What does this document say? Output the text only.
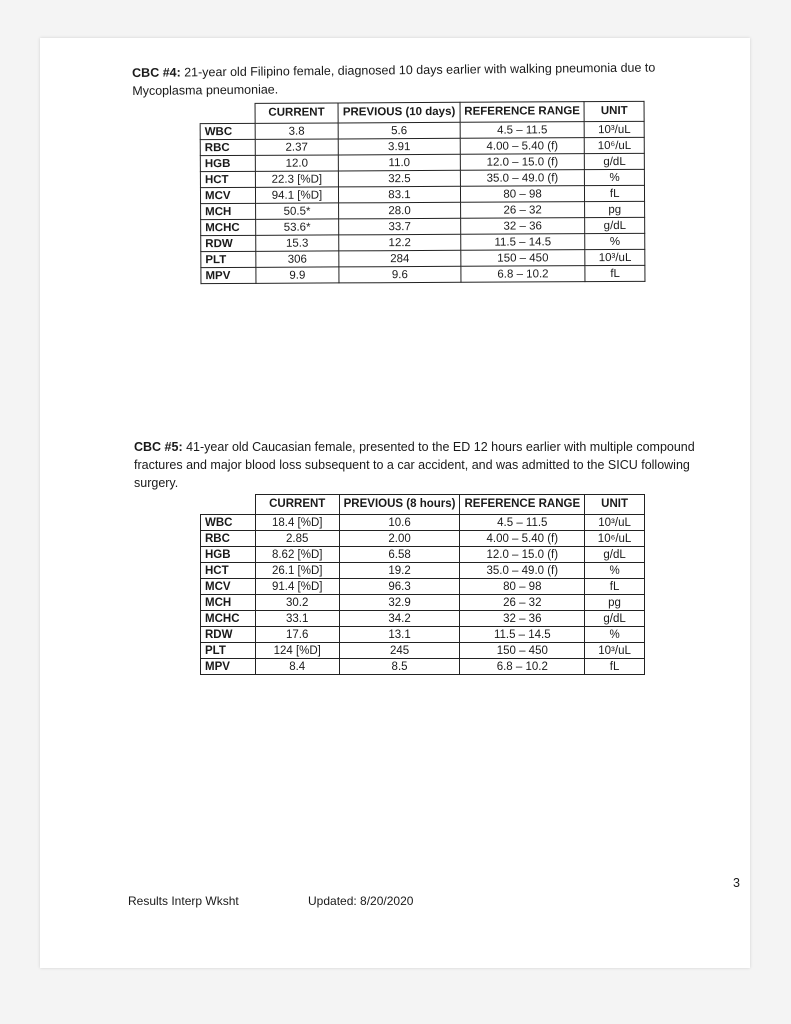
CBC #4: 21-year old Filipino female, diagnosed 10 days earlier with walking pneumonia due to Mycoplasma pneumoniae.
	CURRENT	PREVIOUS (10 days)	REFERENCE RANGE	UNIT
WBC	3.8	5.6	4.5 – 11.5	10³/uL
RBC	2.37	3.91	4.00 – 5.40 (f)	10⁶/uL
HGB	12.0	11.0	12.0 – 15.0 (f)	g/dL
HCT	22.3 [%D]	32.5	35.0 – 49.0 (f)	%
MCV	94.1 [%D]	83.1	80 – 98	fL
MCH	50.5*	28.0	26 – 32	pg
MCHC	53.6*	33.7	32 – 36	g/dL
RDW	15.3	12.2	11.5 – 14.5	%
PLT	306	284	150 – 450	10³/uL
MPV	9.9	9.6	6.8 – 10.2	fL
CBC #5: 41-year old Caucasian female, presented to the ED 12 hours earlier with multiple compound fractures and major blood loss subsequent to a car accident, and was admitted to the SICU following surgery.
	CURRENT	PREVIOUS (8 hours)	REFERENCE RANGE	UNIT
WBC	18.4 [%D]	10.6	4.5 – 11.5	10³/uL
RBC	2.85	2.00	4.00 – 5.40 (f)	10⁶/uL
HGB	8.62 [%D]	6.58	12.0 – 15.0 (f)	g/dL
HCT	26.1 [%D]	19.2	35.0 – 49.0 (f)	%
MCV	91.4 [%D]	96.3	80 – 98	fL
MCH	30.2	32.9	26 – 32	pg
MCHC	33.1	34.2	32 – 36	g/dL
RDW	17.6	13.1	11.5 – 14.5	%
PLT	124 [%D]	245	150 – 450	10³/uL
MPV	8.4	8.5	6.8 – 10.2	fL
Results Interp Wksht	Updated: 8/20/2020
3
